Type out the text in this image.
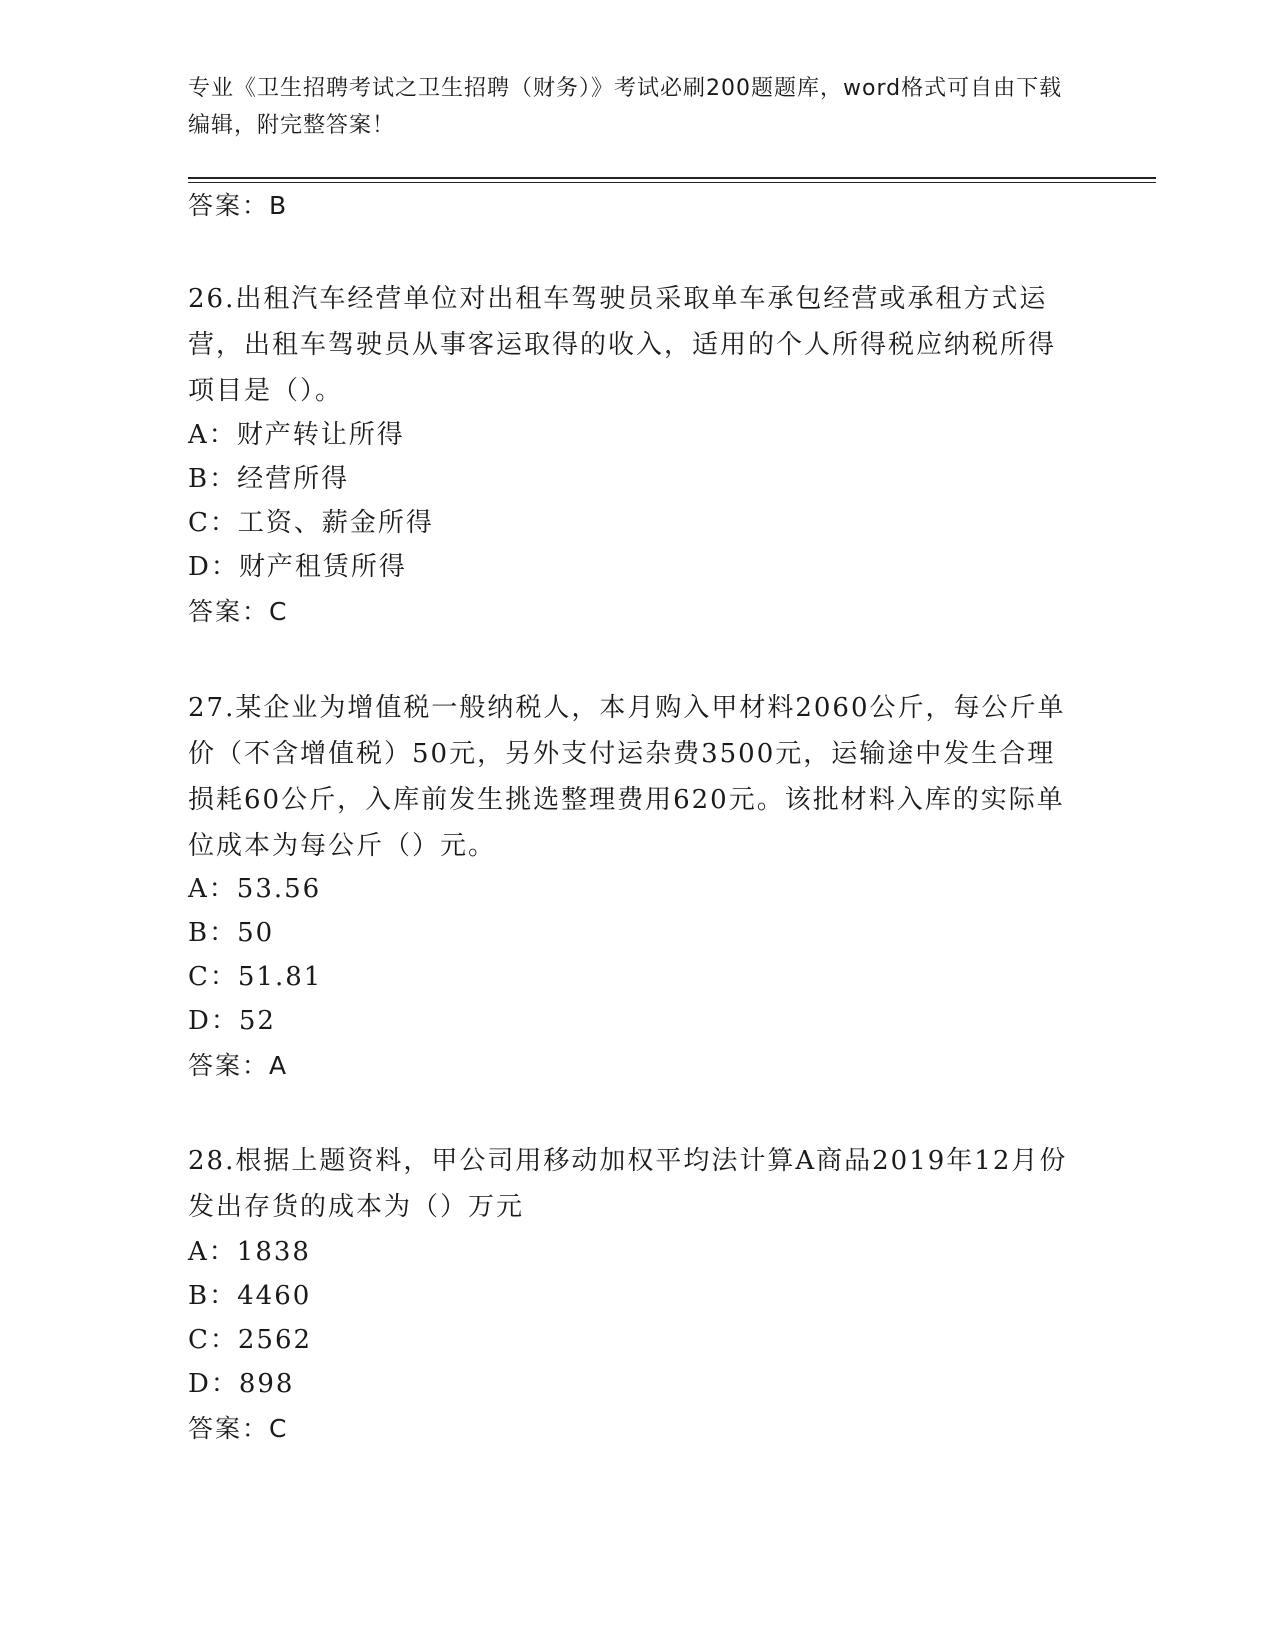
专业《卫生招聘考试之卫生招聘（财务）》考试必刷200题题库，word格式可自由下载编辑，附完整答案！
答案：B

26.出租汽车经营单位对出租车驾驶员采取单车承包经营或承租方式运营，出租车驾驶员从事客运取得的收入，适用的个人所得税应纳税所得项目是（）。

A：财产转让所得
B：经营所得
C：工资、薪金所得
D：财产租赁所得
答案：C

27.某企业为增值税一般纳税人，本月购入甲材料2060公斤，每公斤单价（不含增值税）50元，另外支付运杂费3500元，运输途中发生合理损耗60公斤，入库前发生挑选整理费用620元。该批材料入库的实际单位成本为每公斤（）元。

A：53.56
B：50
C：51.81
D：52
答案：A

28.根据上题资料，甲公司用移动加权平均法计算A商品2019年12月份发出存货的成本为（）万元

A：1838
B：4460
C：2562
D：898
答案：C
